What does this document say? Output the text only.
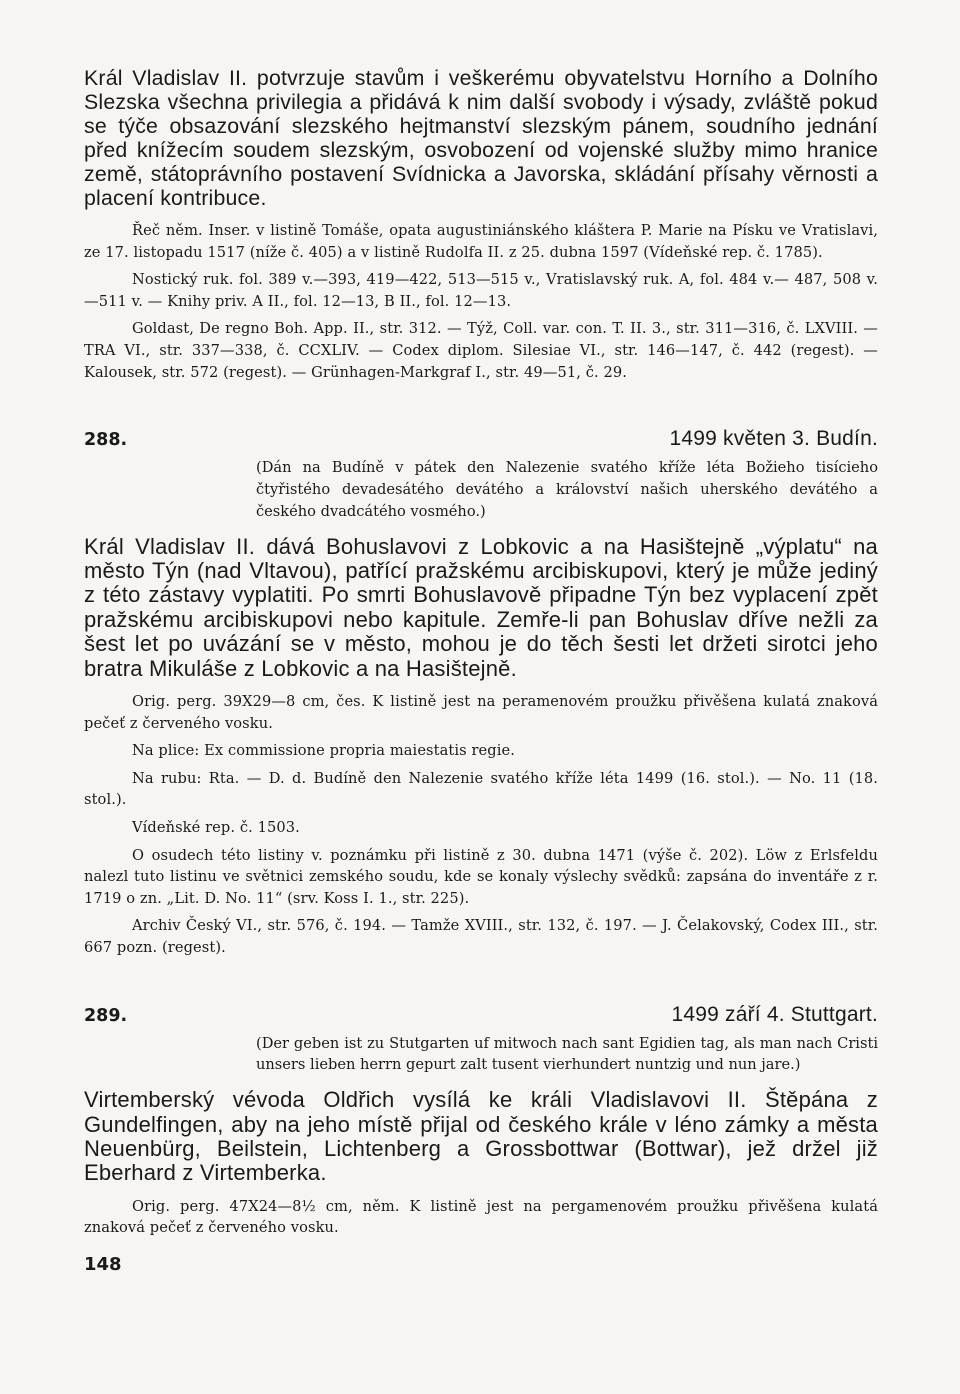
Král Vladislav II. potvrzuje stavům i veškerému obyvatelstvu Horního a Dolního Slezska všechna privilegia a přidává k nim další svobody i výsady, zvláště pokud se týče obsazování slezského hejtmanství slezským pánem, soudního jednání před knížecím soudem slezským, osvobození od vojenské služby mimo hranice země, státoprávního postavení Svídnicka a Javorska, skládání přísahy věrnosti a placení kontribuce.

Řeč něm. Inser. v listině Tomáše, opata augustiniánského kláštera P. Marie na Písku ve Vratislavi, ze 17. listopadu 1517 (níže č. 405) a v listině Rudolfa II. z 25. dubna 1597 (Vídeňské rep. č. 1785).

Nostický ruk. fol. 389 v.—393, 419—422, 513—515 v., Vratislavský ruk. A, fol. 484 v.— 487, 508 v.—511 v. — Knihy priv. A II., fol. 12—13, B II., fol. 12—13.

Goldast, De regno Boh. App. II., str. 312. — Týž, Coll. var. con. T. II. 3., str. 311—316, č. LXVIII. — TRA VI., str. 337—338, č. CCXLIV. — Codex diplom. Silesiae VI., str. 146—147, č. 442 (regest). — Kalousek, str. 572 (regest). — Grünhagen-Markgraf I., str. 49—51, č. 29.

288.	1499 květen 3. Budín.

(Dán na Budíně v pátek den Nalezenie svatého kříže léta Božieho tisícieho čtyřistého devadesátého devátého a království našich uherského devátého a českého dvadcátého vosmého.)

Král Vladislav II. dává Bohuslavovi z Lobkovic a na Hasištejně „výplatu“ na město Týn (nad Vltavou), patřící pražskému arcibiskupovi, který je může jediný z této zástavy vyplatiti. Po smrti Bohuslavově připadne Týn bez vyplacení zpět pražskému arcibiskupovi nebo kapitule. Zemře-li pan Bohuslav dříve nežli za šest let po uvázání se v město, mohou je do těch šesti let držeti sirotci jeho bratra Mikuláše z Lobkovic a na Hasištejně.

Orig. perg. 39X29—8 cm, čes. K listině jest na peramenovém proužku přivěšena kulatá znaková pečeť z červeného vosku.

Na plice: Ex commissione propria maiestatis regie.

Na rubu: Rta. — D. d. Budíně den Nalezenie svatého kříže léta 1499 (16. stol.). — No. 11 (18. stol.).

Vídeňské rep. č. 1503.

O osudech této listiny v. poznámku při listině z 30. dubna 1471 (výše č. 202). Löw z Erlsfeldu nalezl tuto listinu ve světnici zemského soudu, kde se konaly výslechy svědků: zapsána do inventáře z r. 1719 o zn. „Lit. D. No. 11“ (srv. Koss I. 1., str. 225).

Archiv Český VI., str. 576, č. 194. — Tamže XVIII., str. 132, č. 197. — J. Čelakovský, Codex III., str. 667 pozn. (regest).

289.	1499 září 4. Stuttgart.

(Der geben ist zu Stutgarten uf mitwoch nach sant Egidien tag, als man nach Cristi unsers lieben herrn gepurt zalt tusent vierhundert nuntzig und nun jare.)

Virtemberský vévoda Oldřich vysílá ke králi Vladislavovi II. Štěpána z Gundelfingen, aby na jeho místě přijal od českého krále v léno zámky a města Neuenbürg, Beilstein, Lichtenberg a Grossbottwar (Bottwar), jež držel již Eberhard z Virtemberka.

Orig. perg. 47X24—8½ cm, něm. K listině jest na pergamenovém proužku přivěšena kulatá znaková pečeť z červeného vosku.

148
